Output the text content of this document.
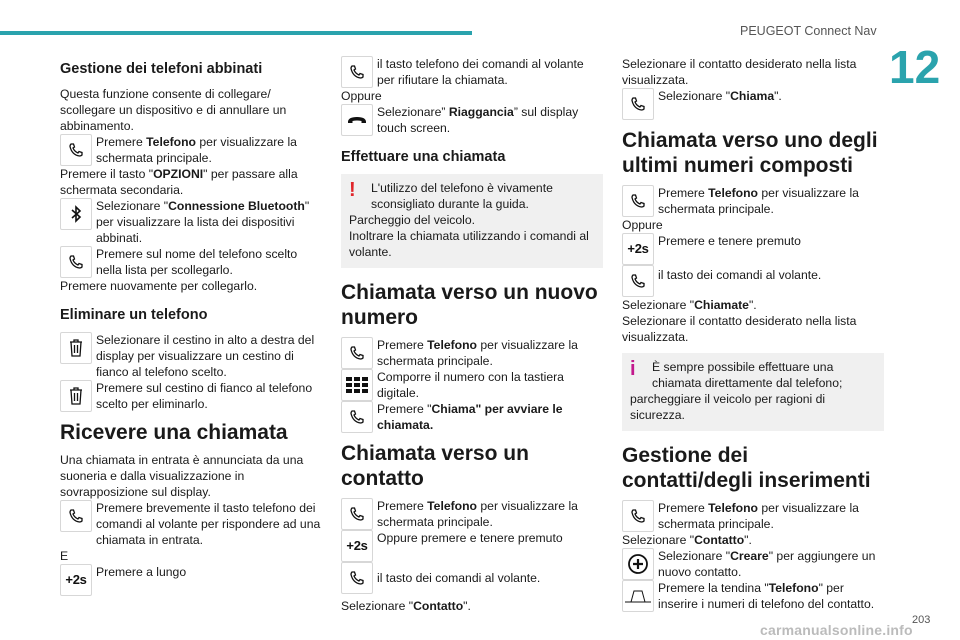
PEUGEOT Connect Nav
12
Gestione dei telefoni abbinati

Questa funzione consente di collegare/ scollegare un dispositivo e di annullare un abbinamento.

Premere Telefono per visualizzare la schermata principale.

Premere il tasto "OPZIONI" per passare alla schermata secondaria.

Selezionare "Connessione Bluetooth" per visualizzare la lista dei dispositivi abbinati.

Premere sul nome del telefono scelto nella lista per scollegarlo.

Premere nuovamente per collegarlo.

Eliminare un telefono

Selezionare il cestino in alto a destra del display per visualizzare un cestino di fianco al telefono scelto.

Premere sul cestino di fianco al telefono scelto per eliminarlo.

Ricevere una chiamata

Una chiamata in entrata è annunciata da una suoneria e dalla visualizzazione in sovrapposizione sul display.

Premere brevemente il tasto telefono dei comandi al volante per rispondere ad una chiamata in entrata.

E

+2s Premere a lungo

il tasto telefono dei comandi al volante per rifiutare la chiamata.

Oppure

Selezionare” Riaggancia” sul display touch screen.

Effettuare una chiamata
!	L'utilizzo del telefono è vivamente sconsigliato durante la guida.

Parcheggio del veicolo.

Inoltrare la chiamata utilizzando i comandi al volante.

Chiamata verso un nuovo numero

Premere Telefono per visualizzare la schermata principale.

Comporre il numero con la tastiera digitale.

Premere "Chiama" per avviare le chiamata.

Chiamata verso un contatto

Premere Telefono per visualizzare la schermata principale.

+2s Oppure premere e tenere premuto

il tasto dei comandi al volante.

Selezionare "Contatto".

Selezionare il contatto desiderato nella lista visualizzata.

Selezionare "Chiama".

Chiamata verso uno degli ultimi numeri composti

Premere Telefono per visualizzare la schermata principale.

Oppure

+2s Premere e tenere premuto

il tasto dei comandi al volante.

Selezionare "Chiamate".

Selezionare il contatto desiderato nella lista visualizzata.

i	È sempre possibile effettuare una chiamata direttamente dal telefono;

parcheggiare il veicolo per ragioni di sicurezza.

Gestione dei contatti/degli inserimenti

Premere Telefono per visualizzare la schermata principale.

Selezionare "Contatto".

Selezionare "Creare" per aggiungere un nuovo contatto.

Premere la tendina "Telefono" per inserire i numeri di telefono del contatto.

carmanualsonline.info
203
